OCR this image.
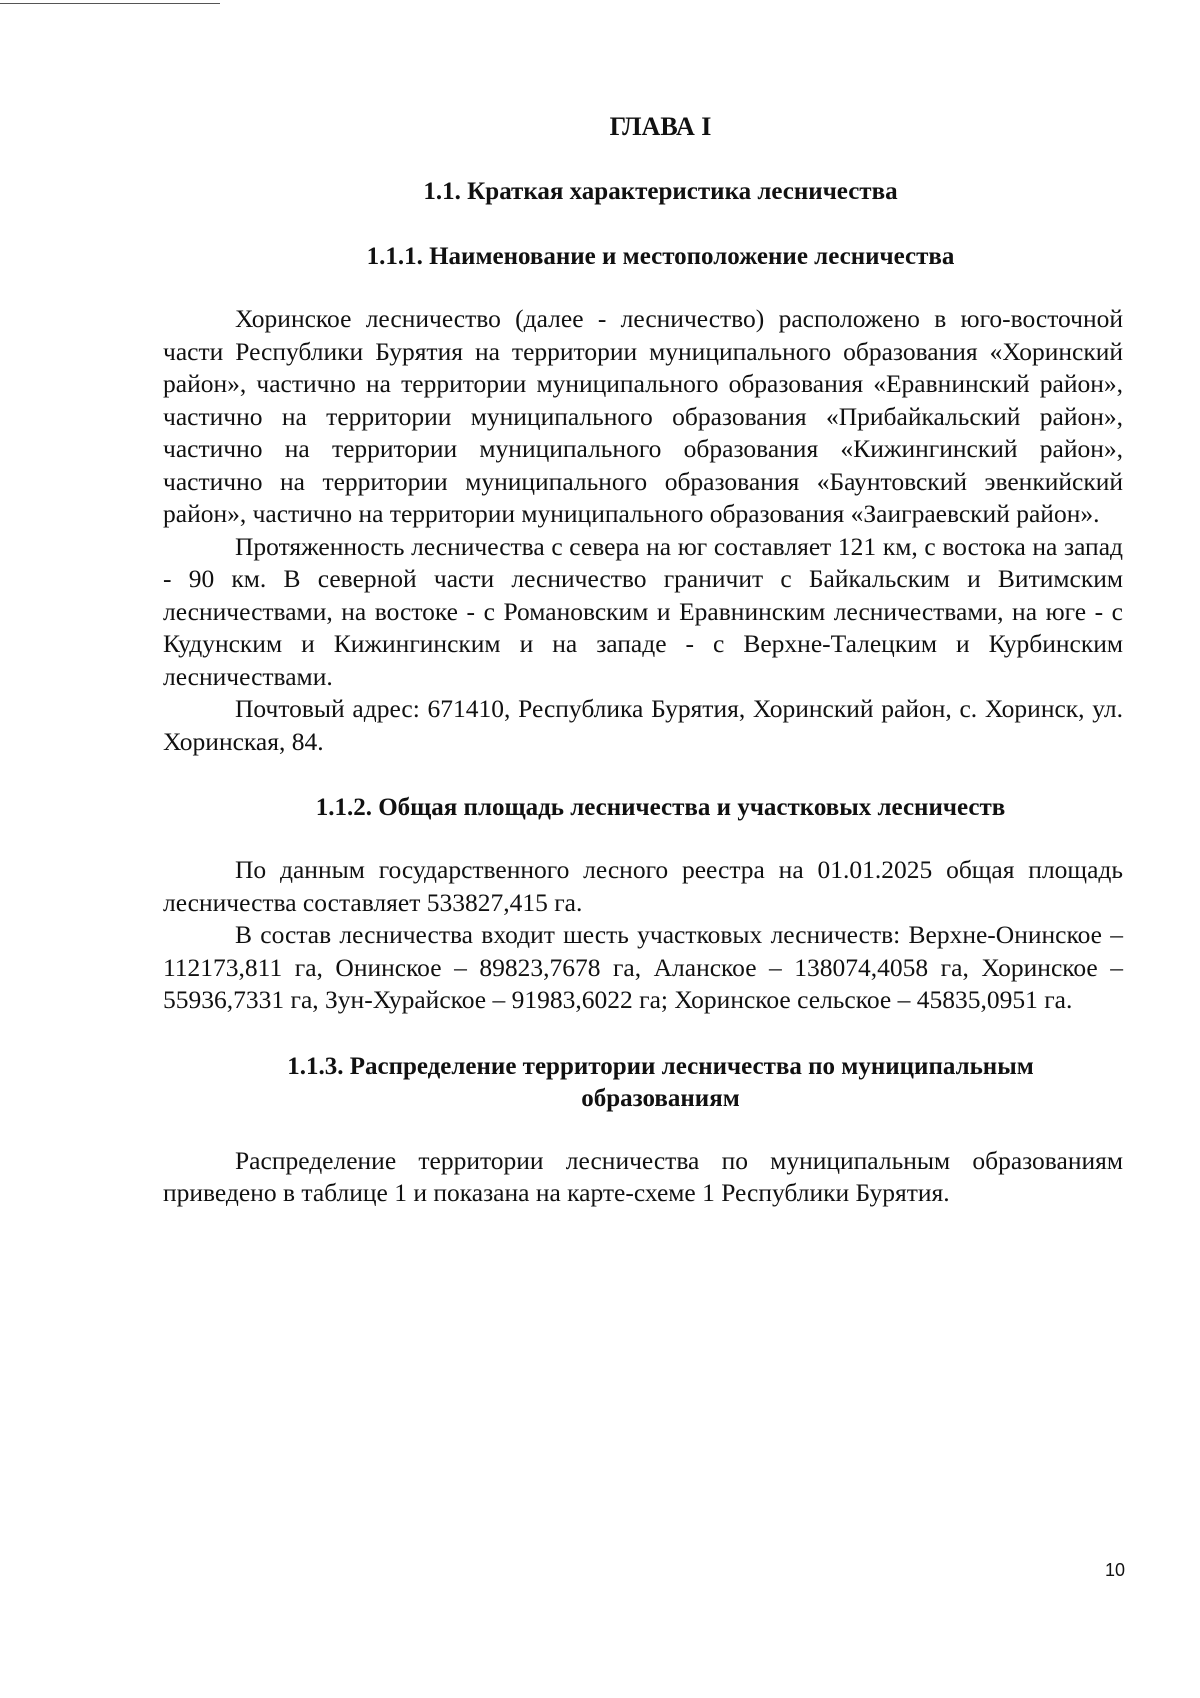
ГЛАВА I
1.1. Краткая характеристика лесничества
1.1.1. Наименование и местоположение лесничества

Хоринское лесничество (далее - лесничество) расположено в юго-восточной части Республики Бурятия на территории муниципального образования «Хоринский район», частично на территории муниципального образования «Еравнинский район», частично на территории муниципального образования «Прибайкальский район», частично на территории муниципального образования «Кижингинский район», частично на территории муниципального образования «Баунтовский эвенкийский район», частично на территории муниципального образования «Заиграевский район».

Протяженность лесничества с севера на юг составляет 121 км, с востока на запад - 90 км. В северной части лесничество граничит с Байкальским и Витимским лесничествами, на востоке - с Романовским и Еравнинским лесничествами, на юге - с Кудунским и Кижингинским и на западе - с Верхне-Талецким и Курбинским лесничествами.

Почтовый адрес: 671410, Республика Бурятия, Хоринский район, с. Хоринск, ул. Хоринская, 84.

1.1.2. Общая площадь лесничества и участковых лесничеств

По данным государственного лесного реестра на 01.01.2025 общая площадь лесничества составляет 533827,415 га.

В состав лесничества входит шесть участковых лесничеств: Верхне-Онинское – 112173,811 га, Онинское – 89823,7678 га, Аланское – 138074,4058 га, Хоринское – 55936,7331 га, Зун-Хурайское – 91983,6022 га; Хоринское сельское – 45835,0951 га.

1.1.3. Распределение территории лесничества по муниципальным
образованиям

Распределение территории лесничества по муниципальным образованиям приведено в таблице 1 и показана на карте-схеме 1 Республики Бурятия.

10
